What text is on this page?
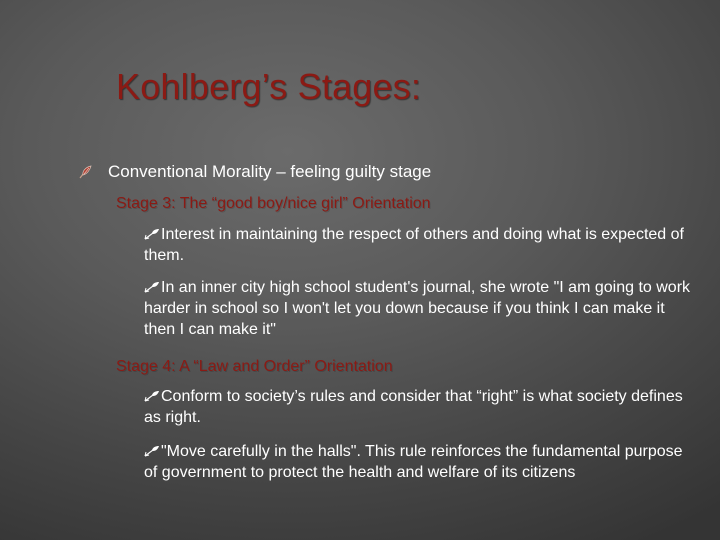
Kohlberg’s Stages:
Conventional Morality – feeling guilty stage
Stage 3: The “good boy/nice girl” Orientation
Interest in maintaining the respect of others and doing what is expected of them.
In an inner city high school student's journal, she wrote "I am going to work harder in school so I won't let you down because if you think I can make it then I can make it"
Stage 4: A “Law and Order” Orientation
Conform to society’s rules and consider that “right” is what society defines as right.
"Move carefully in the halls". This rule reinforces the fundamental purpose of government to protect the health and welfare of its citizens
